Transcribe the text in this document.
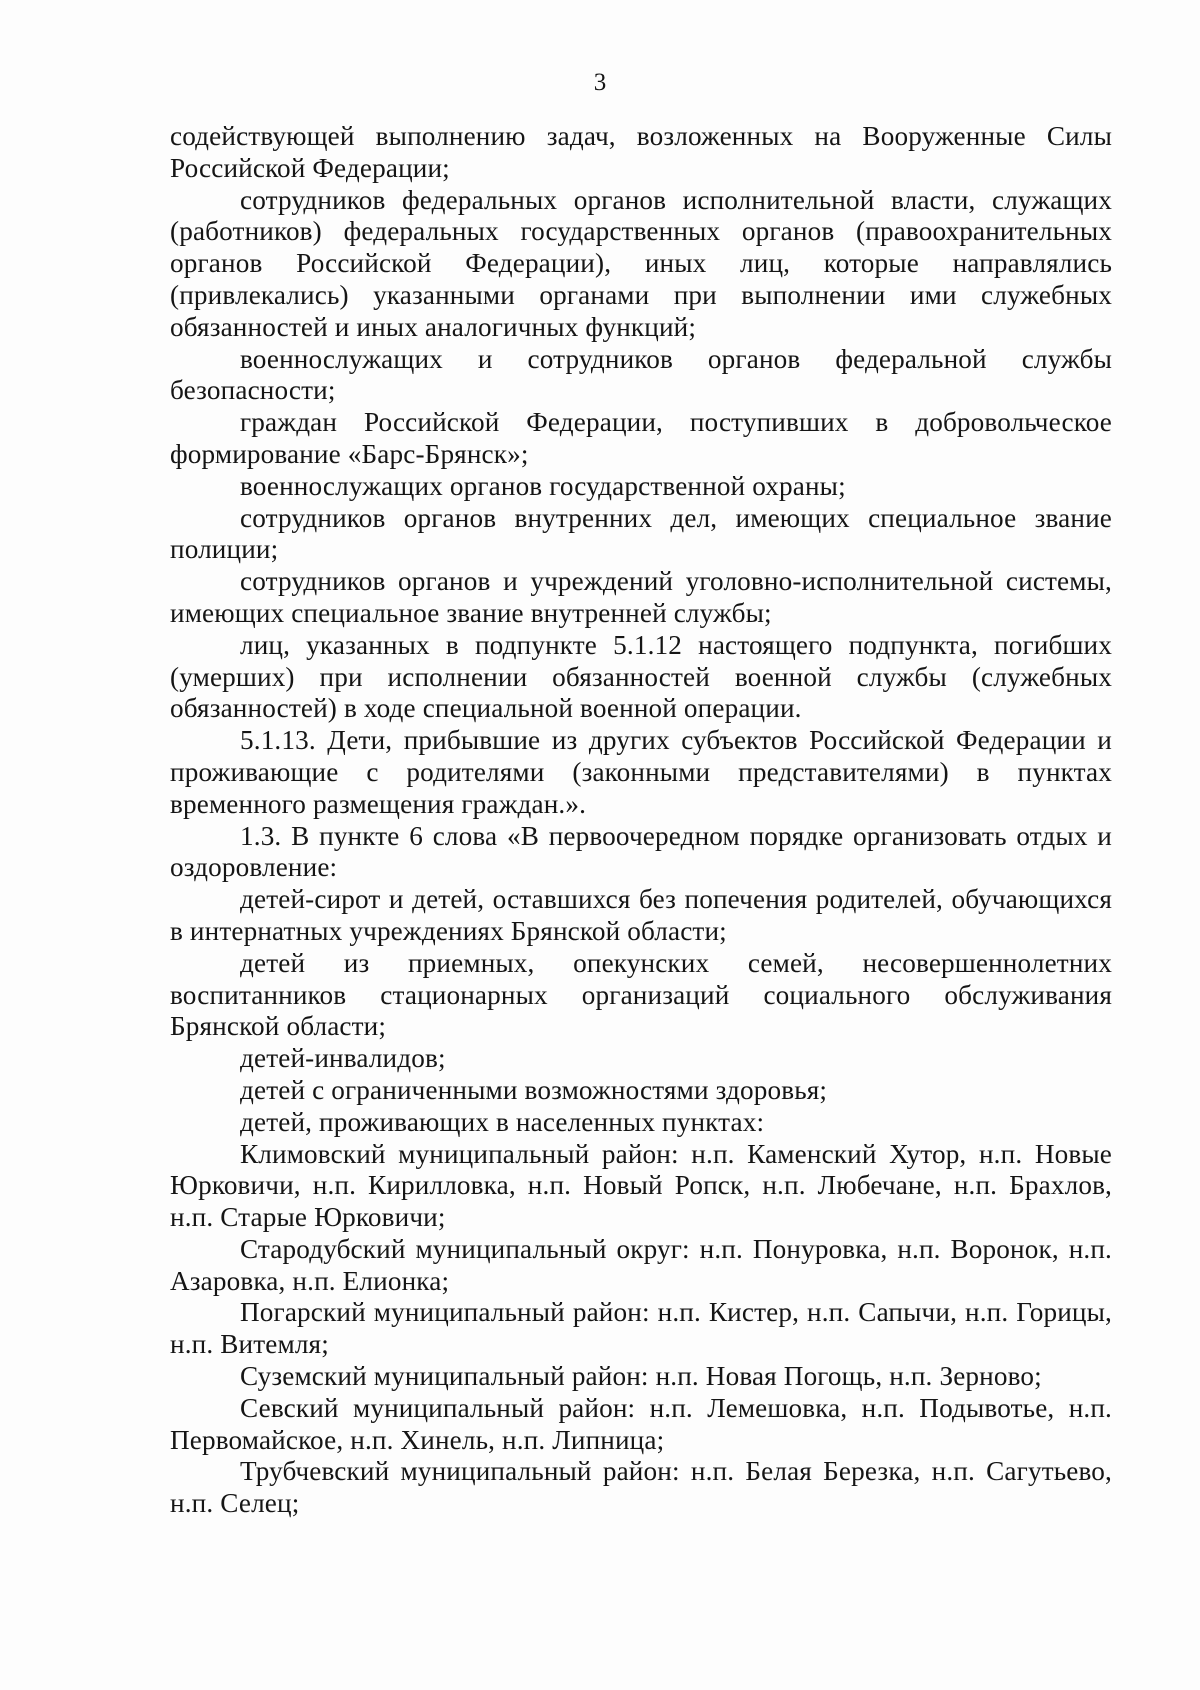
3

содействующей выполнению задач, возложенных на Вооруженные Силы Российской Федерации;

сотрудников федеральных органов исполнительной власти, служащих (работников) федеральных государственных органов (правоохранительных органов Российской Федерации), иных лиц, которые направлялись (привлекались) указанными органами при выполнении ими служебных обязанностей и иных аналогичных функций;

военнослужащих и сотрудников органов федеральной службы безопасности;

граждан Российской Федерации, поступивших в добровольческое формирование «Барс-Брянск»;

военнослужащих органов государственной охраны;

сотрудников органов внутренних дел, имеющих специальное звание полиции;

сотрудников органов и учреждений уголовно-исполнительной системы, имеющих специальное звание внутренней службы;

лиц, указанных в подпункте 5.1.12 настоящего подпункта, погибших (умерших) при исполнении обязанностей военной службы (служебных обязанностей) в ходе специальной военной операции.

5.1.13. Дети, прибывшие из других субъектов Российской Федерации и проживающие с родителями (законными представителями) в пунктах временного размещения граждан.».

1.3. В пункте 6 слова «В первоочередном порядке организовать отдых и оздоровление:

детей-сирот и детей, оставшихся без попечения родителей, обучающихся в интернатных учреждениях Брянской области;

детей из приемных, опекунских семей, несовершеннолетних воспитанников стационарных организаций социального обслуживания Брянской области;

детей-инвалидов;

детей с ограниченными возможностями здоровья;

детей, проживающих в населенных пунктах:

Климовский муниципальный район: н.п. Каменский Хутор, н.п. Новые Юрковичи, н.п. Кирилловка, н.п. Новый Ропск, н.п. Любечане, н.п. Брахлов, н.п. Старые Юрковичи;

Стародубский муниципальный округ: н.п. Понуровка, н.п. Воронок, н.п. Азаровка, н.п. Елионка;

Погарский муниципальный район: н.п. Кистер, н.п. Сапычи, н.п. Горицы, н.п. Витемля;

Суземский муниципальный район: н.п. Новая Погощь, н.п. Зерново;

Севский муниципальный район: н.п. Лемешовка, н.п. Подывотье, н.п. Первомайское, н.п. Хинель, н.п. Липница;

Трубчевский муниципальный район: н.п. Белая Березка, н.п. Сагутьево, н.п. Селец;
